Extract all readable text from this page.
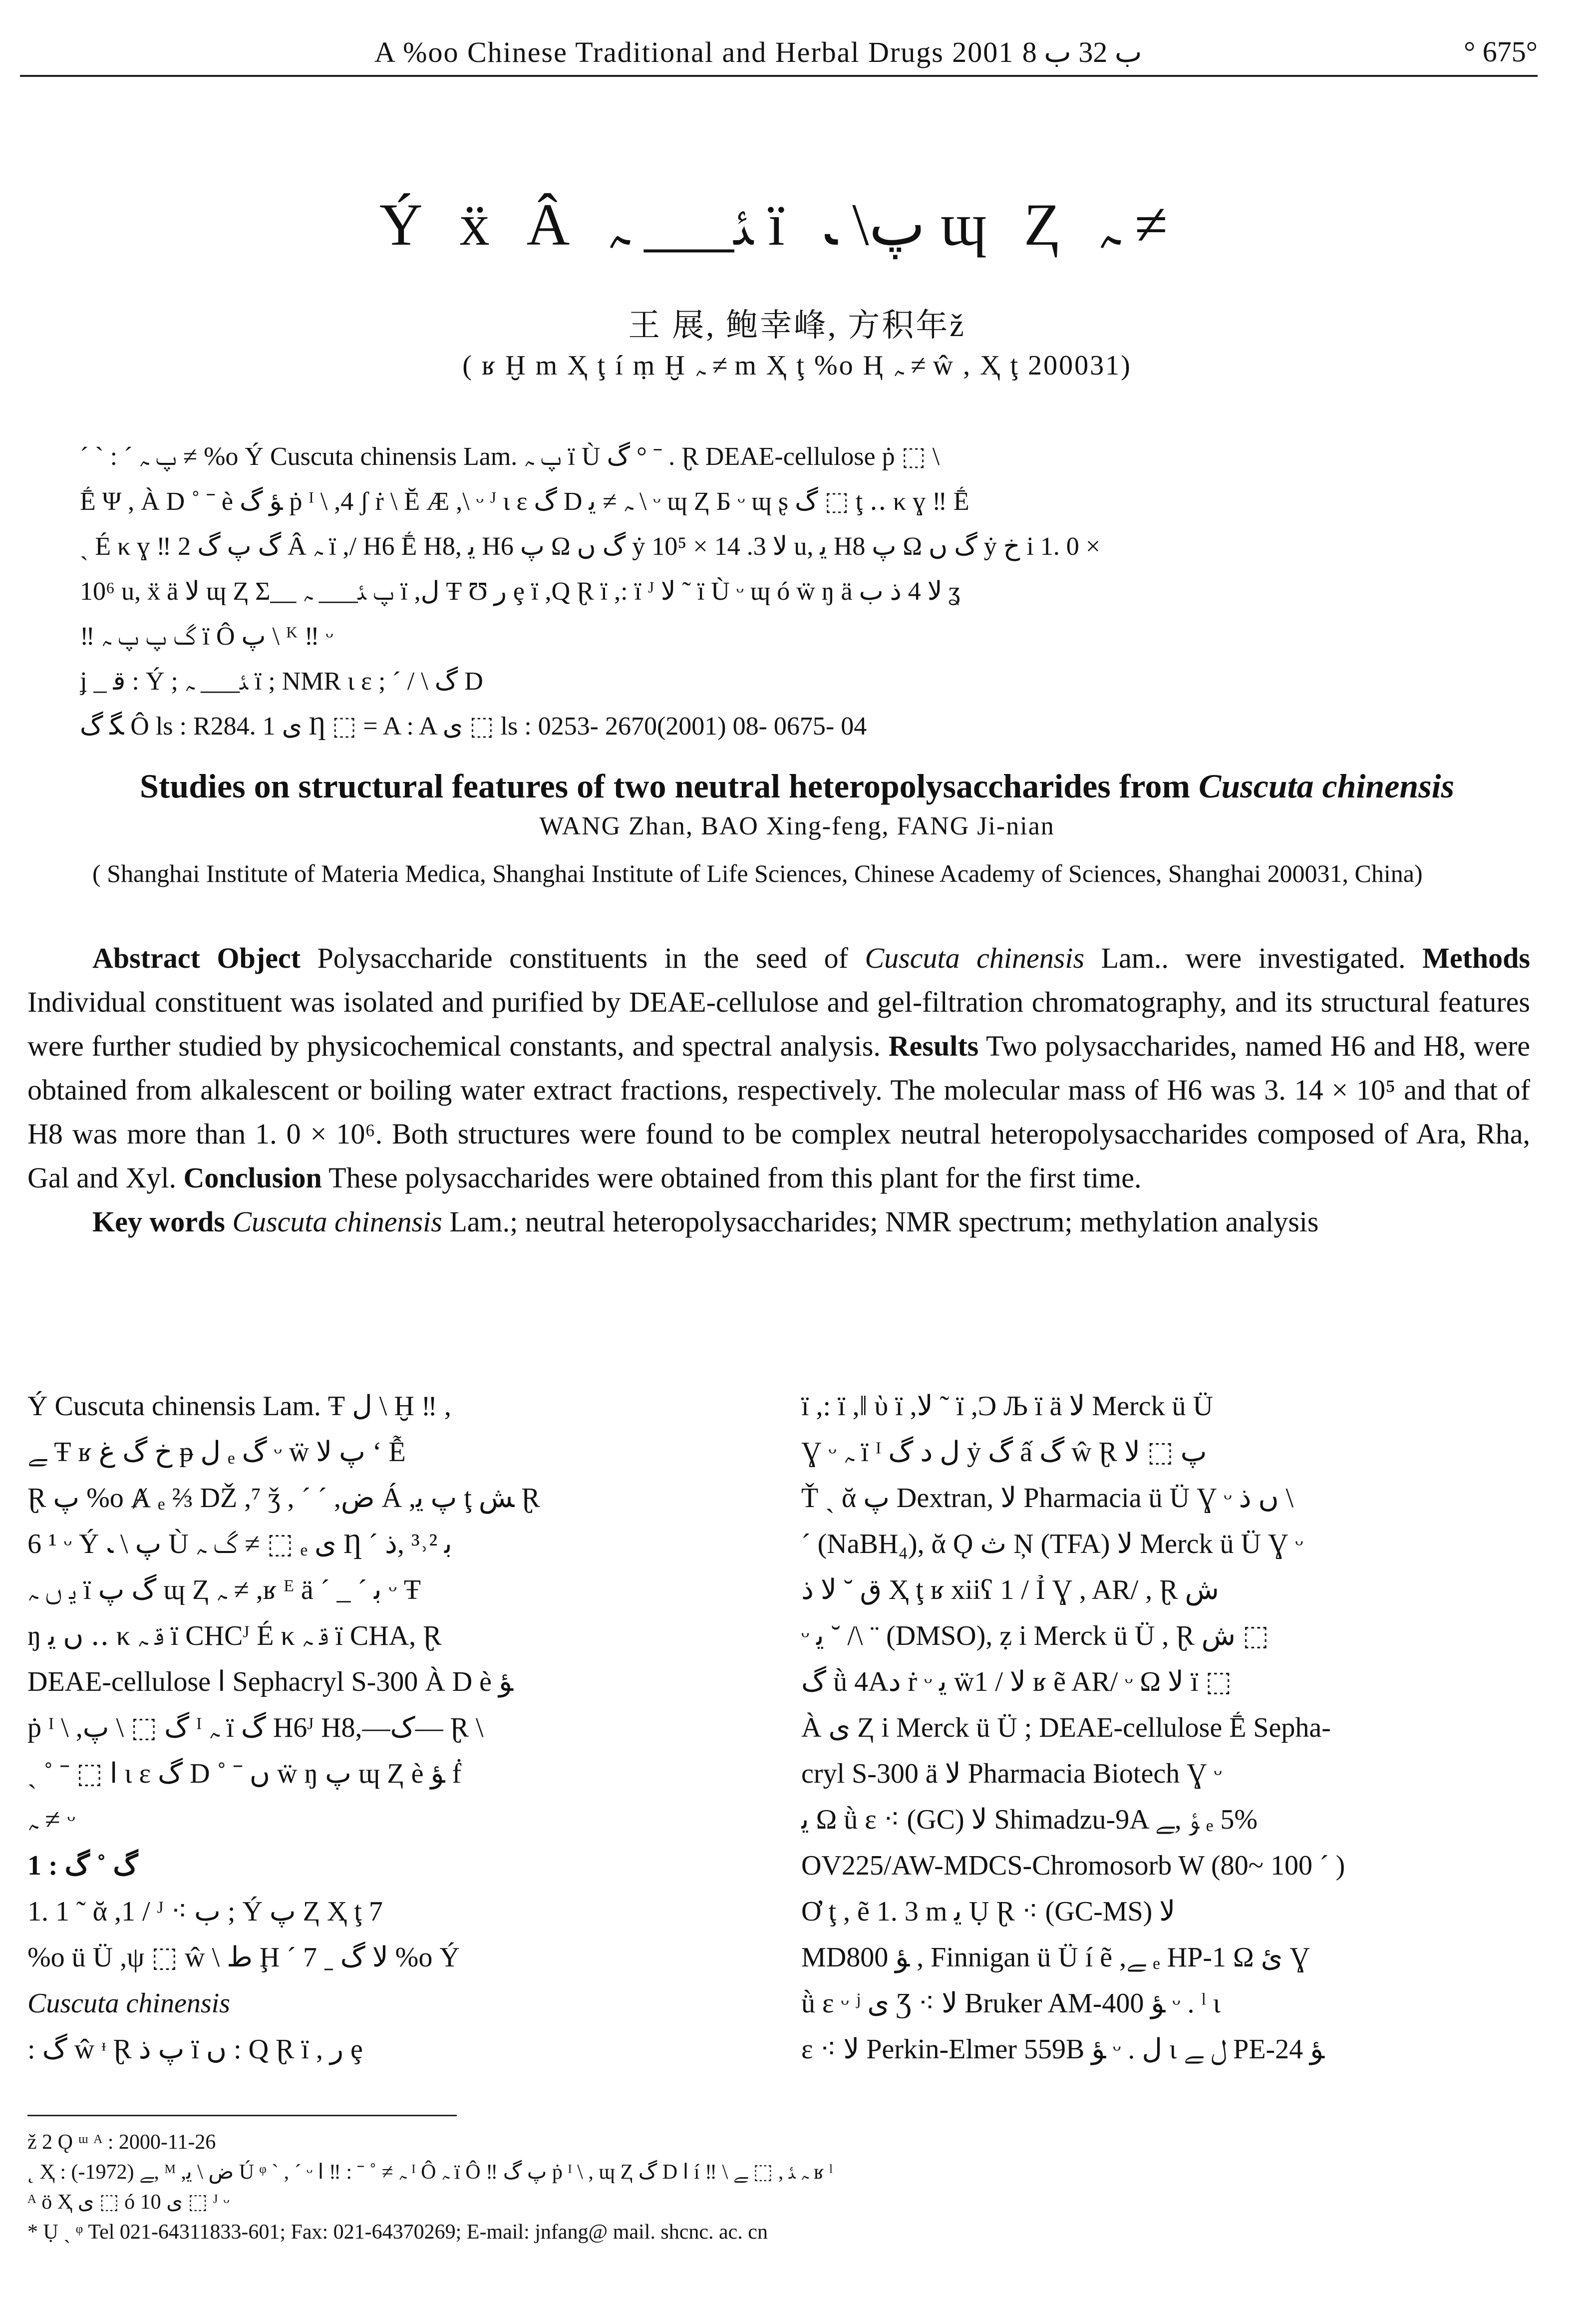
A %oo Chinese Traditional and Herbal Drugs 2001 ب 32 ب 8	° 675°
Ý ẍ Â ﺌ___ ﮧ ï ﭖ\ ﹳ ɰ Ⱬ ﮧ ≠
王 展, 鲍幸峰, 方积年ž
( ʁ Ḫ m Ҳ ţ í ṃ Ḫ ﮧ ≠ m Ҳ ţ %o Ⱨ ﮧ ≠ ŵ , Ҳ ţ 200031)
ˊ ˋ : ˊ ﭖ ﮧ ≠ %o Ý Cuscuta chinensis Lam. ﭖ ﮧ ï Ù ﮒ ° ˉ . Ɽ DEAE-cellulose ṗ ⬚ \
Ḗ Ψ , À D ˚ ˉ è ﺆ ﮒ ṗ ᴵ \ ,4 ʃ ṙ \ Ĕ Æ ,\ ᵕ ᴶ ι ɛ ﮒ D ﮧ ≠ ﯾ \ ᵕ ɰ Ⱬ Ƃ ᵕ ɰ ʂ ﮒ ⬚ ţ ‥ κ ɣ ‼ Ḗ
ˏ É κ ɣ ‼ ﮒ ﭖ ﮒ 2 Â ﮧ ï ,/ H6 Ḗ H8, ﯾ H6 ﭖ Ω ﮒ ﮞ ẏ ﻻ 3. 14 × 10⁵ u, ﯾ H8 ﭖ Ω ﮒ ﮞ ẏ ﺥ i 1. 0 ×
10⁶ u, ẍ ä ﻻ ɰ Ⱬ Σ__ ﭖ ﺌ___ ﮧ ï ,ﻝ Ŧ Ʊ ﺭ ȩ ï ,Q Ɽ ï ,: ï ᴶ ﻻ ˜ ï Ù ᵕ ɰ ó ẅ ŋ ä ﻻ 4 ﺫ ﺏ ʓ
‼ ﮒ ﭖ ﭖ ﮧ ï Ô ﭖ \ ᴷ ‼ ᵕ
ʝ _ ﻗ : Ý ; ﺌ___ ﮧ ï ; NMR ι ɛ ; ˊ / \ ﮒ D
ﮕ ﮒ Ô ls : R284. 1 ﯼ Ƞ ⬚ = A : A ﯼ ⬚ ls : 0253- 2670(2001) 08- 0675- 04
Studies on structural features of two neutral heteropolysaccharides from Cuscuta chinensis
WANG Zhan, BAO Xing-feng, FANG Ji-nian
( Shanghai Institute of Materia Medica, Shanghai Institute of Life Sciences, Chinese Academy of Sciences, Shanghai 200031, China)

Abstract Object Polysaccharide constituents in the seed of Cuscuta chinensis Lam.. were investigated. Methods Individual constituent was isolated and purified by DEAE-cellulose and gel-filtration chromatography, and its structural features were further studied by physicochemical constants, and spectral analysis. Results Two polysaccharides, named H6 and H8, were obtained from alkalescent or boiling water extract fractions, respectively. The molecular mass of H6 was 3. 14 × 10⁵ and that of H8 was more than 1. 0 × 10⁶. Both structures were found to be complex neutral heteropolysaccharides composed of Ara, Rha, Gal and Xyl. Conclusion These polysaccharides were obtained from this plant for the first time.

Key words Cuscuta chinensis Lam.; neutral heteropolysaccharides; NMR spectrum; methylation analysis

Ý Cuscuta chinensis Lam. Ŧ ﻝ \ Ḫ ‼ ,
ﮯ Ŧ ʁ ﺥ ﮒ ﻍ ᵽ ﻝ ₑ ﮒ ᵕ ẅ ﭖ ﻻ ʻ Ễ
Ɽ ﭖ %o Ⱥ ₑ ⅔ Ǆ ,⁷ ǯ , ˊ ˊ ,ﺽ Á ,ﭖ ﻳ ţ ﺶ Ɽ
6 ¹ ᵕ Ý ﭖ \ ﹳ Ù ﮒ ﮧ ≠ ⬚ ₑ ﯼ Ƞ ˊ ﺑ ²˒³ ,ﺫ
ﯾ ﮞ ﮧ ï ﮒ ﭖ ɰ Ⱬ ﮧ ≠ ,ʁ ᴱ ä ˊ _ ˊ ﺑ ᵕ Ŧ
ŋ ﮞ ﯾ ‥ κ ﻗ ﮧ ï CHCᴶ É κ ﻗ ﮧ ï CHA, Ɽ
DEAE-cellulose ﺍ Sephacryl S-300 À D è ﺆ
ṗ ᴵ \ ,ﮒ ⬚ \ ﭖ ᴵ ﮧ ï ﮒ H6ᴶ H8,—ﮎ— Ɽ \
ˏ ˚ ˉ ⬚ ﺍ ι ɛ ﮒ D ˚ ˉ ﮞ ẅ ŋ ﭖ ɰ Ⱬ è ﺆ ḟ
ﮧ ≠ ᵕ
1 : ﮒ ˚ ﮒ
1. 1 ˜ ᾰ ,1 / ᴶ ⁖ ﺏ ; Ý ﭖ Ⱬ Ҳ ţ 7
%o ü Ü ,ψ ⬚ ŵ \ ﻁ Ḩ ˊ 7 ˍ ﻻ ﮒ %o Ý
Cuscuta chinensis
: ﮒ ŵ ᶧ Ɽ ﭖ ﺫ ï ﮞ : Q Ɽ ï , ﺭ ȩ
ï ,: ï ,‖ ὺ ï ,ﻻ ˜ ï ,Ͻ Љ ï ä ﻻ Merck ü Ü
Ɣ ᵕ ﮧ ï ᴵ ﻝ ﺩ ﮒ ẏ ﮒ ấ ﮒ ŵ Ɽ ﭖ ⬚ ﻻ
Ť ˏ ᾰ ﭖ Dextran, ﻻ Pharmacia ü Ü Ɣ ᵕ ﮞ ﺫ \
ˊ (NaBH₄), ᾰ Ǫ ﺙ Ņ (TFA) ﻻ Merck ü Ü Ɣ ᵕ
ﻕ ˘ ﻻ ﺫ Ҳ ţ ʁ xiiʕ 1 / Ỉ Ɣ , AR/ , Ɽ ﺵ
ᵕ ﯾ ˘ /\ ¨ (DMSO), ẓ i Merck ü Ü , Ɽ ﺵ ⬚
ﮒ ǜ 4Aﺩ ṙ ᵕ ﯾ ẅ1 / ﻻ ʁ ẽ AR/ ᵕ Ω ﻻ ï ⬚
À ﯼ Ⱬ i Merck ü Ü ; DEAE-cellulose Ḗ Sepha-
cryl S-300 ä ﻻ Pharmacia Biotech Ɣ ᵕ
ﯾ Ω ǜ ɛ ⁖ (GC) ﻻ Shimadzu-9A ﺆ ,ﮯ ₑ 5%
OV225/AW-MDCS-Chromosorb W (80~ 100 ˊ )
Ơ ţ , ẽ 1. 3 m ﯾ Ụ Ɽ ⁖ (GC-MS) ﻻ
MD800 ﺆ , Finnigan ü Ü í ẽ ,ﮯ ₑ HP-1 Ω ﺉ Ɣ
ǜ ɛ ᵕ ʲ ﯼ Ʒ ⁖ ﻻ Bruker AM-400 ﺆ ᵕ . ˡ ι
ɛ ⁖ ﻻ Perkin-Elmer 559B ﺆ ᵕ . ﻝ ι ﻝ ﮯ PE-24 ﺆ
ž 2 Ǫ ᵚ ᴬ : 2000-11-26
˛ Ҳ : ﮯ (1972-), ᴹ ,ﺽ \ ﯾ Ú ᵠ ˋ , ˊ ᵕ ﮧ ≠ ˚ ˉ : ‼ ﺍ ᴵ Ô ﮧ ï Ô ‼ ﭖ ﮒ ṗ ᴵ \ , ɰ Ⱬ ﮒ D ﺍ í ‼ \ ﮧ ﺌ , ⬚ ﮯ ʁ ˡ
ᴬ ö Ҳ ﯼ ⬚ ó ﯼ 10 ⬚ ᴶ ᵕ
* Ụ ˏ ᵠ Tel 021-64311833-601; Fax: 021-64370269; E-mail: jnfang@ mail. shcnc. ac. cn
